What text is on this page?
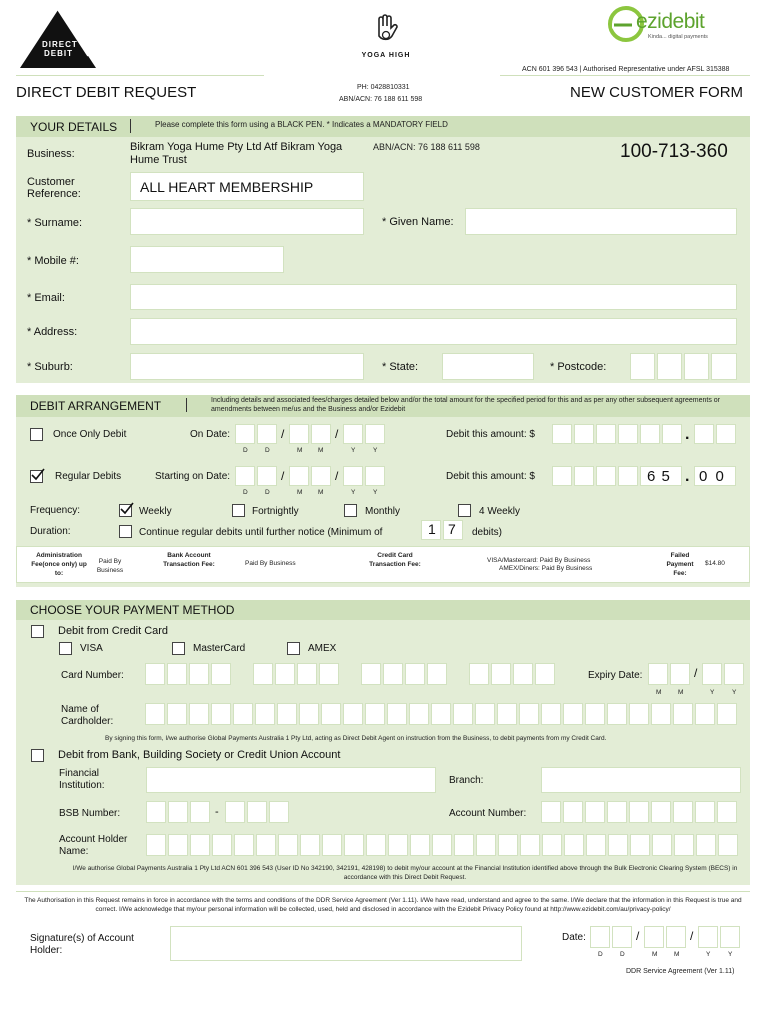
DIRECT
DEBIT	YOGA HIGH
ezidebit
Kinda... digital payments
ACN 601 396 543 | Authorised Representative under AFSL 315388
DIRECT DEBIT REQUEST	PH: 0428810331
ABN/ACN: 76 188 611 598	NEW CUSTOMER FORM
YOUR DETAILS	Please complete this form using a BLACK PEN. * Indicates a MANDATORY FIELD
Business:
Bikram Yoga Hume Pty Ltd Atf Bikram Yoga Hume Trust
ABN/ACN: 76 188 611 598	100-713-360
Customer Reference:	ALL HEART MEMBERSHIP
* Surname:	* Given Name:
* Mobile #:
* Email:
* Address:
* Suburb:	* State:	* Postcode:
DEBIT ARRANGEMENT	Including details and associated fees/charges detailed below and/or the total amount for the specified period for this and as per any other subsequent agreements or amendments between me/us and the Business and/or Ezidebit
Once Only Debit	On Date:	/	/
D	D	M M	Y	Y
Debit this amount: $	.
Regular Debits	Starting on Date:	/	/
D	D	M M	Y	Y
Debit this amount: $	6 5 . 0 0
Frequency:	Weekly	Fortnightly	Monthly	4 Weekly
Duration:	Continue regular debits until further notice (Minimum of	1 7 debits)
Administration Fee(once only) up to:
Paid By Business
Bank Account Transaction Fee:	Paid By Business
Credit Card Transaction Fee:
VISA/Mastercard: Paid By Business
AMEX/Diners: Paid By Business
Failed Payment Fee:
$14.80
CHOOSE YOUR PAYMENT METHOD
Debit from Credit Card
VISA	MasterCard	AMEX
Card Number:	Expiry Date:	/
M	M	Y	Y
Name of Cardholder:
By signing this form, I/we authorise Global Payments Australia 1 Pty Ltd, acting as Direct Debit Agent on instruction from the Business, to debit payments from my Credit Card.
Debit from Bank, Building Society or Credit Union Account
Financial Institution:	Branch:
BSB Number:	-	Account Number:
Account Holder Name:
I/We authorise Global Payments Australia 1 Pty Ltd ACN 601 396 543 (User ID No 342190, 342191, 428198) to debit my/our account at the Financial Institution identified above through the Bulk Electronic Clearing System (BECS) in accordance with this Direct Debit Request.
The Authorisation in this Request remains in force in accordance with the terms and conditions of the DDR Service Agreement (Ver 1.11). I/We have read, understand and agree to the same. I/We declare that the information in this Request is true and correct. I/We acknowledge that my/our personal information will be collected, used, held and disclosed in accordance with the Ezidebit Privacy Policy found at http://www.ezidebit.com/au/privacy-policy/
Signature(s) of Account Holder:
Date:	/	/
D	D	M	M	Y	Y
DDR Service Agreement (Ver 1.11)
